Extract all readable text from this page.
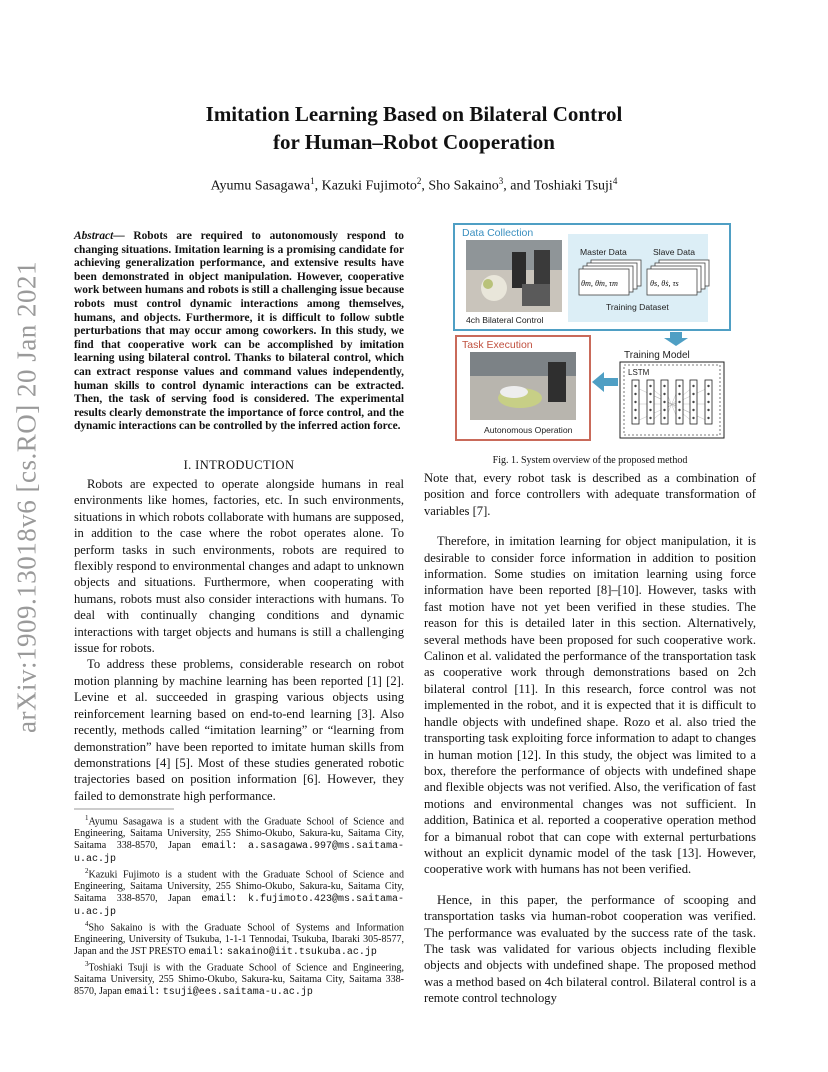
arXiv:1909.13018v6 [cs.RO] 20 Jan 2021
Imitation Learning Based on Bilateral Control
for Human–Robot Cooperation
Ayumu Sasagawa$^1$, Kazuki Fujimoto$^2$, Sho Sakaino$^3$, and Toshiaki Tsuji$^4$
Abstract— Robots are required to autonomously respond to changing situations. Imitation learning is a promising candidate for achieving generalization performance, and extensive results have been demonstrated in object manipulation. However, cooperative work between humans and robots is still a challenging issue because robots must control dynamic interactions among themselves, humans, and objects. Furthermore, it is difficult to follow subtle perturbations that may occur among coworkers. In this study, we find that cooperative work can be accomplished by imitation learning using bilateral control. Thanks to bilateral control, which can extract response values and command values independently, human skills to control dynamic interactions can be extracted. Then, the task of serving food is considered. The experimental results clearly demonstrate the importance of force control, and the dynamic interactions can be controlled by the inferred action force.
I. INTRODUCTION

Robots are expected to operate alongside humans in real environments like homes, factories, etc. In such environments, situations in which robots collaborate with humans are supposed, in addition to the case where the robot operates alone. To perform tasks in such environments, robots are required to flexibly respond to environmental changes and adapt to unknown objects and situations. Furthermore, when cooperating with humans, robots must also consider interactions with humans. To deal with continually changing conditions and dynamic interactions with target objects and humans is still a challenging issue for robots.

To address these problems, considerable research on robot motion planning by machine learning has been reported [1] [2]. Levine et al. succeeded in grasping various objects using reinforcement learning based on end-to-end learning [3]. Also recently, methods called “imitation learning” or “learning from demonstration” have been reported to imitate human skills from demonstrations [4] [5]. Most of these studies generated robotic trajectories based on position information [6]. However, they failed to demonstrate high performance.

$^1$Ayumu Sasagawa is a student with the Graduate School of Science and Engineering, Saitama University, 255 Shimo-Okubo, Sakura-ku, Saitama City, Saitama 338-8570, Japan email: a.sasagawa.997@ms.saitama-u.ac.jp

$^2$Kazuki Fujimoto is a student with the Graduate School of Science and Engineering, Saitama University, 255 Shimo-Okubo, Sakura-ku, Saitama City, Saitama 338-8570, Japan email: k.fujimoto.423@ms.saitama-u.ac.jp

$^4$Sho Sakaino is with the Graduate School of Systems and Information Engineering, University of Tsukuba, 1-1-1 Tennodai, Tsukuba, Ibaraki 305-8577, Japan and the JST PRESTO email: sakaino@iit.tsukuba.ac.jp

$^3$Toshiaki Tsuji is with the Graduate School of Science and Engineering, Saitama University, 255 Shimo-Okubo, Sakura-ku, Saitama City, Saitama 338-8570, Japan email: tsuji@ees.saitama-u.ac.jp

Data Collection
4ch Bilateral Control
Master Data	Slave Data
θm, θ̇m, τm	θs, θ̇s, τs
Training Dataset
Task Execution
Autonomous Operation
Training Model
LSTM
Fig. 1. System overview of the proposed method

Note that, every robot task is described as a combination of position and force controllers with adequate transformation of variables [7].

Therefore, in imitation learning for object manipulation, it is desirable to consider force information in addition to position information. Some studies on imitation learning using force information have been reported [8]–[10]. However, tasks with fast motion have not yet been verified in these studies. The reason for this is detailed later in this section. Alternatively, several methods have been proposed for such cooperative work. Calinon et al. validated the performance of the transportation task as cooperative work through demonstrations based on 2ch bilateral control [11]. In this research, force control was not implemented in the robot, and it is expected that it is difficult to handle objects with undefined shape. Rozo et al. also tried the transporting task exploiting force information to adapt to changes in human motion [12]. In this study, the object was limited to a box, therefore the performance of objects with undefined shape and flexible objects was not verified. Also, the verification of fast motions and environmental changes was not sufficient. In addition, Batinica et al. reported a cooperative operation method for a bimanual robot that can cope with external perturbations without an explicit dynamic model of the task [13]. However, cooperative work with humans has not been verified.

Hence, in this paper, the performance of scooping and transportation tasks via human-robot cooperation was verified. The performance was evaluated by the success rate of the task. The task was validated for various objects including flexible objects and objects with undefined shape. The proposed method was a method based on 4ch bilateral control. Bilateral control is a remote control technology
